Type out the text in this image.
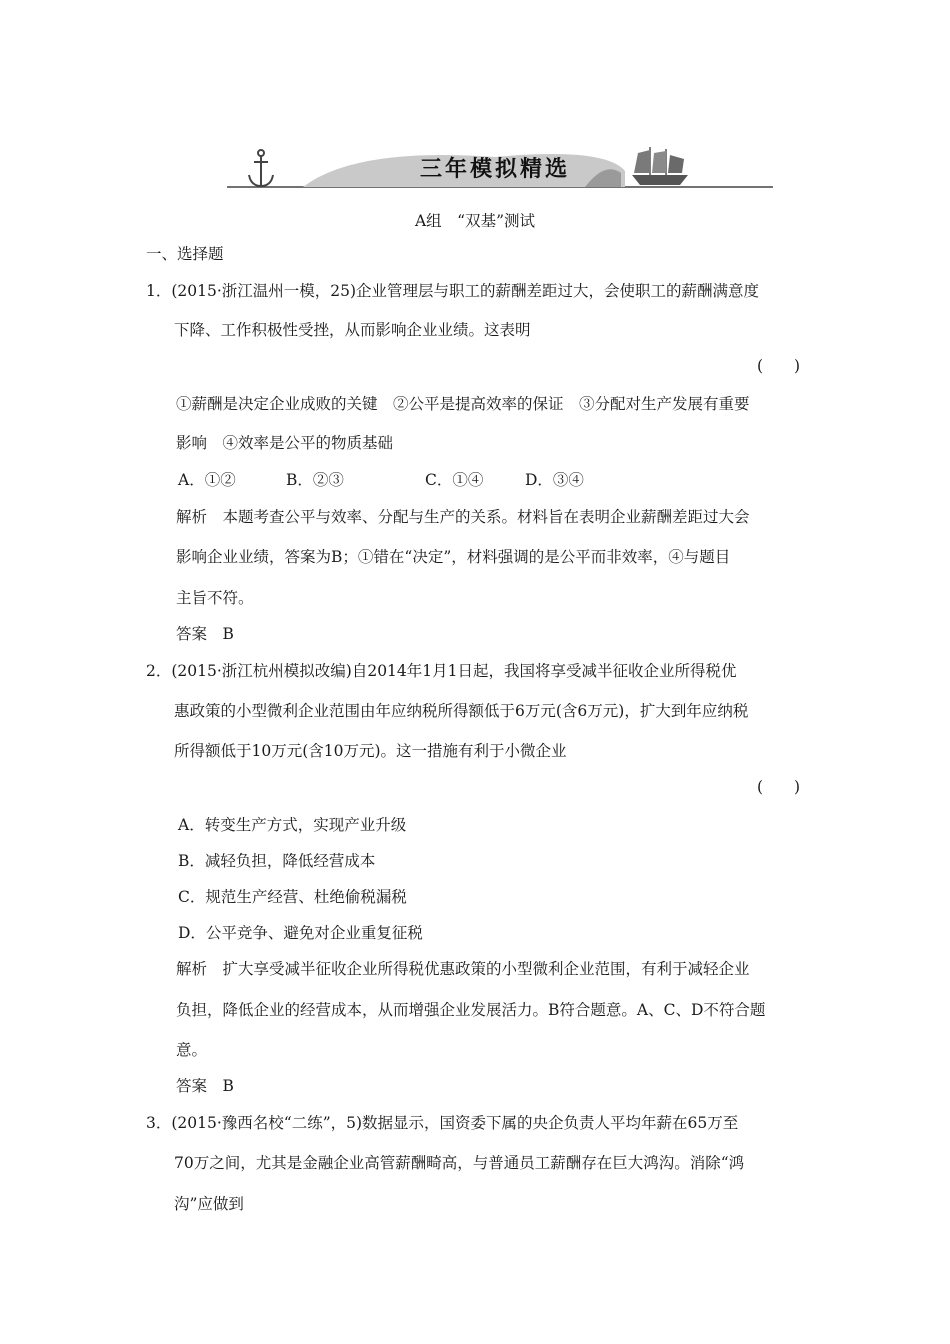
三年模拟精选
A组　“双基”测试
一、选择题
1．(2015·浙江温州一模，25)企业管理层与职工的薪酬差距过大，会使职工的薪酬满意度
下降、工作积极性受挫，从而影响企业业绩。这表明
(　　)
①薪酬是决定企业成败的关键　②公平是提高效率的保证　③分配对生产发展有重要
影响　④效率是公平的物质基础
A．①②	B．②③	C．①④	D．③④
解析　本题考查公平与效率、分配与生产的关系。材料旨在表明企业薪酬差距过大会
影响企业业绩，答案为B；①错在“决定”，材料强调的是公平而非效率，④与题目
主旨不符。
答案　B
2．(2015·浙江杭州模拟改编)自2014年1月1日起，我国将享受减半征收企业所得税优
惠政策的小型微利企业范围由年应纳税所得额低于6万元(含6万元)，扩大到年应纳税
所得额低于10万元(含10万元)。这一措施有利于小微企业
(　　)
A．转变生产方式，实现产业升级
B．减轻负担，降低经营成本
C．规范生产经营、杜绝偷税漏税
D．公平竞争、避免对企业重复征税
解析　扩大享受减半征收企业所得税优惠政策的小型微利企业范围，有利于减轻企业
负担，降低企业的经营成本，从而增强企业发展活力。B符合题意。A、C、D不符合题
意。
答案　B
3．(2015·豫西名校“二练”，5)数据显示，国资委下属的央企负责人平均年薪在65万至
70万之间，尤其是金融企业高管薪酬畸高，与普通员工薪酬存在巨大鸿沟。消除“鸿
沟”应做到
